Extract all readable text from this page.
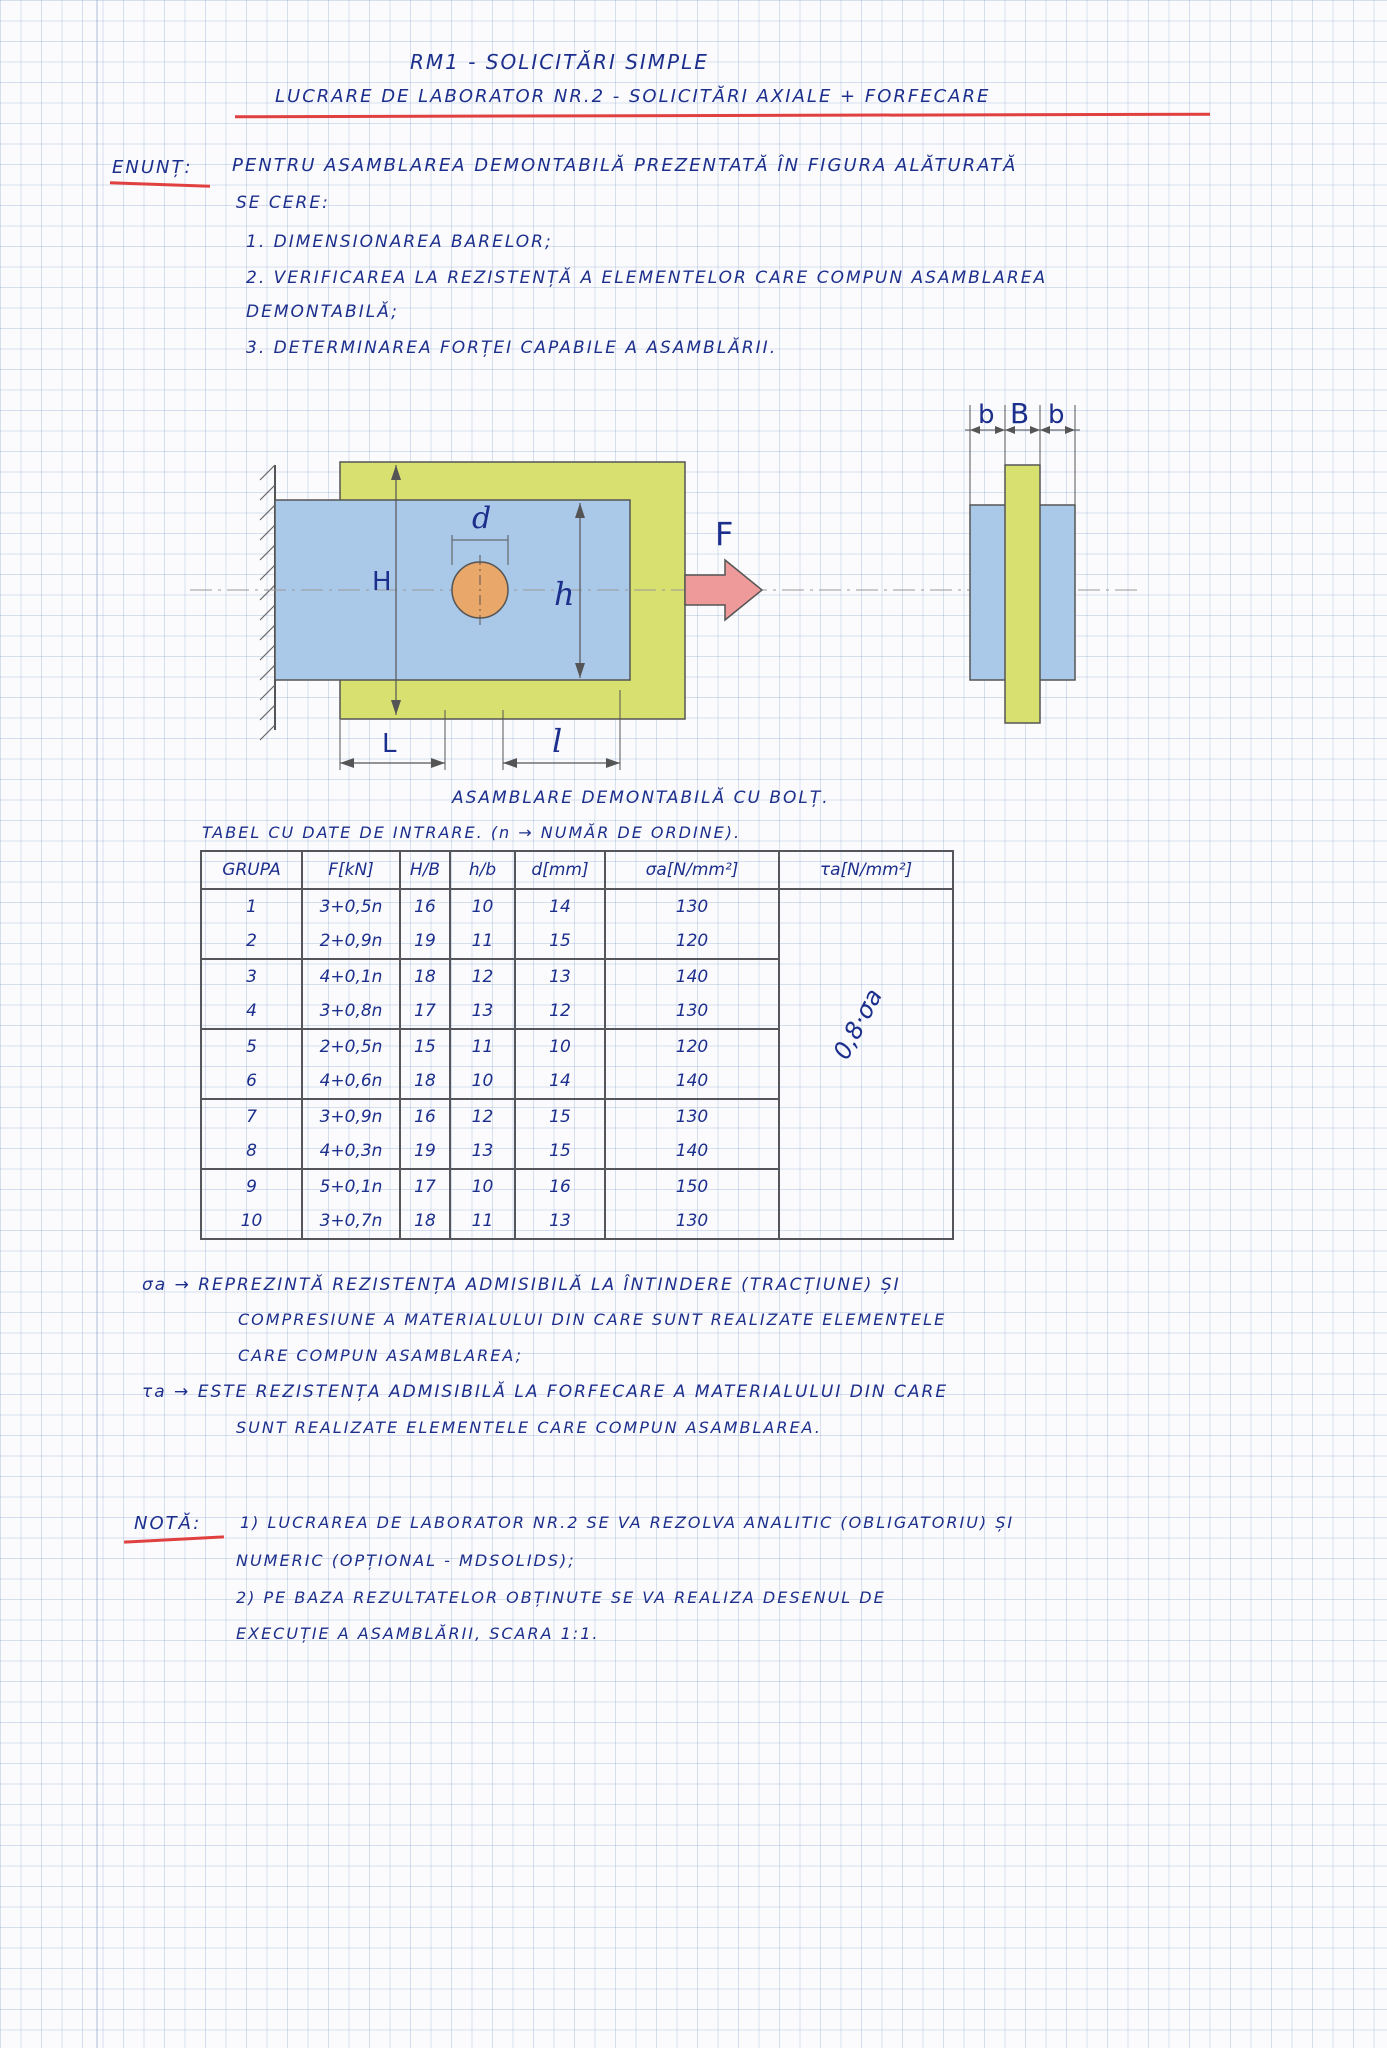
RM1 - SOLICITĂRI SIMPLE
LUCRARE DE LABORATOR NR.2 - SOLICITĂRI AXIALE + FORFECARE
ENUNȚ: PENTRU ASAMBLAREA DEMONTABILĂ PREZENTATĂ ÎN FIGURA ALĂTURATĂ
SE CERE:
1. DIMENSIONAREA BARELOR;
2. VERIFICAREA LA REZISTENȚĂ A ELEMENTELOR CARE COMPUN ASAMBLAREA
DEMONTABILĂ;
3. DETERMINAREA FORȚEI CAPABILE A ASAMBLĂRII.
d
H	h
F
L	l
b B b
ASAMBLARE DEMONTABILĂ CU BOLȚ.
TABEL CU DATE DE INTRARE. (n → NUMĂR DE ORDINE).
GRUPA	F[kN]	H/B	h/b	d[mm]	σa[N/mm²]	τa[N/mm²]
1	3+0,5n	16	10	14	130	0,8·σa

2	2+0,9n	19	11	15	120	
3	4+0,1n	18	12	13	140	
4	3+0,8n	17	13	12	130	
5	2+0,5n	15	11	10	120	
6	4+0,6n	18	10	14	140	
7	3+0,9n	16	12	15	130	
8	4+0,3n	19	13	15	140	
9	5+0,1n	17	10	16	150	
10	3+0,7n	18	11	13	130	
σa → REPREZINTĂ REZISTENȚA ADMISIBILĂ LA ÎNTINDERE (TRACȚIUNE) ȘI
COMPRESIUNE A MATERIALULUI DIN CARE SUNT REALIZATE ELEMENTELE
CARE COMPUN ASAMBLAREA;
τa → ESTE REZISTENȚA ADMISIBILĂ LA FORFECARE A MATERIALULUI DIN CARE
SUNT REALIZATE ELEMENTELE CARE COMPUN ASAMBLAREA.
NOTĂ: 1) LUCRAREA DE LABORATOR NR.2 SE VA REZOLVA ANALITIC (OBLIGATORIU) ȘI
NUMERIC (OPȚIONAL - MDSOLIDS);
2) PE BAZA REZULTATELOR OBȚINUTE SE VA REALIZA DESENUL DE
EXECUȚIE A ASAMBLĂRII, SCARA 1:1.
